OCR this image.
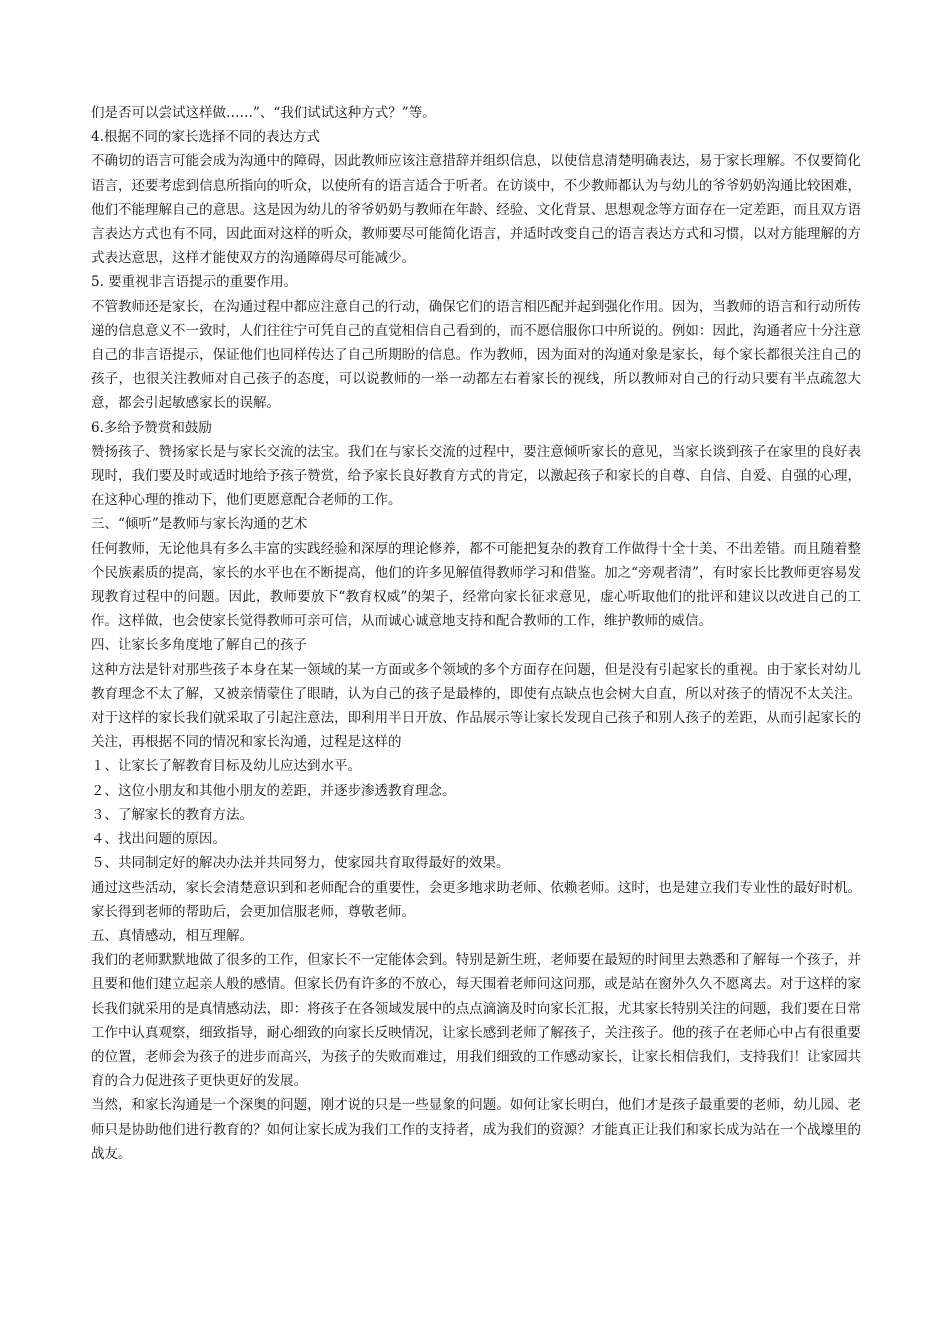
们是否可以尝试这样做……”、“我们试试这种方式？”等。

4.根据不同的家长选择不同的表达方式

不确切的语言可能会成为沟通中的障碍，因此教师应该注意措辞并组织信息，以使信息清楚明确表达，易于家长理解。不仅要简化语言，还要考虑到信息所指向的听众，以使所有的语言适合于听者。在访谈中，不少教师都认为与幼儿的爷爷奶奶沟通比较困难，他们不能理解自己的意思。这是因为幼儿的爷爷奶奶与教师在年龄、经验、文化背景、思想观念等方面存在一定差距，而且双方语言表达方式也有不同，因此面对这样的听众，教师要尽可能简化语言，并适时改变自己的语言表达方式和习惯，以对方能理解的方式表达意思，这样才能使双方的沟通障碍尽可能减少。

5. 要重视非言语提示的重要作用。

不管教师还是家长，在沟通过程中都应注意自己的行动，确保它们的语言相匹配并起到强化作用。因为，当教师的语言和行动所传递的信息意义不一致时，人们往往宁可凭自己的直觉相信自己看到的，而不愿信服你口中所说的。例如：因此，沟通者应十分注意自己的非言语提示，保证他们也同样传达了自己所期盼的信息。作为教师，因为面对的沟通对象是家长，每个家长都很关注自己的孩子，也很关注教师对自己孩子的态度，可以说教师的一举一动都左右着家长的视线，所以教师对自己的行动只要有半点疏忽大意，都会引起敏感家长的误解。

6.多给予赞赏和鼓励

赞扬孩子、赞扬家长是与家长交流的法宝。我们在与家长交流的过程中，要注意倾听家长的意见，当家长谈到孩子在家里的良好表现时，我们要及时或适时地给予孩子赞赏，给予家长良好教育方式的肯定，以激起孩子和家长的自尊、自信、自爱、自强的心理，在这种心理的推动下，他们更愿意配合老师的工作。

三、“倾听”是教师与家长沟通的艺术

任何教师，无论他具有多么丰富的实践经验和深厚的理论修养，都不可能把复杂的教育工作做得十全十美、不出差错。而且随着整个民族素质的提高，家长的水平也在不断提高，他们的许多见解值得教师学习和借鉴。加之“旁观者清”，有时家长比教师更容易发现教育过程中的问题。因此，教师要放下“教育权威”的架子，经常向家长征求意见，虚心听取他们的批评和建议以改进自己的工作。这样做，也会使家长觉得教师可亲可信，从而诚心诚意地支持和配合教师的工作，维护教师的威信。

四、让家长多角度地了解自己的孩子

这种方法是针对那些孩子本身在某一领域的某一方面或多个领域的多个方面存在问题，但是没有引起家长的重视。由于家长对幼儿教育理念不太了解，又被亲情蒙住了眼睛，认为自己的孩子是最棒的，即使有点缺点也会树大自直，所以对孩子的情况不太关注。对于这样的家长我们就采取了引起注意法，即利用半日开放、作品展示等让家长发现自己孩子和别人孩子的差距，从而引起家长的关注，再根据不同的情况和家长沟通，过程是这样的

１、让家长了解教育目标及幼儿应达到水平。

２、这位小朋友和其他小朋友的差距，并逐步渗透教育理念。

３、了解家长的教育方法。

４、找出问题的原因。

５、共同制定好的解决办法并共同努力，使家园共育取得最好的效果。

通过这些活动，家长会清楚意识到和老师配合的重要性，会更多地求助老师、依赖老师。这时，也是建立我们专业性的最好时机。家长得到老师的帮助后，会更加信服老师，尊敬老师。

五、真情感动，相互理解。

我们的老师默默地做了很多的工作，但家长不一定能体会到。特别是新生班，老师要在最短的时间里去熟悉和了解每一个孩子，并且要和他们建立起亲人般的感情。但家长仍有许多的不放心，每天围着老师问这问那，或是站在窗外久久不愿离去。对于这样的家长我们就采用的是真情感动法，即：将孩子在各领域发展中的点点滴滴及时向家长汇报，尤其家长特别关注的问题，我们要在日常工作中认真观察，细致指导，耐心细致的向家长反映情况，让家长感到老师了解孩子，关注孩子。他的孩子在老师心中占有很重要的位置，老师会为孩子的进步而高兴，为孩子的失败而难过，用我们细致的工作感动家长，让家长相信我们，支持我们！让家园共育的合力促进孩子更快更好的发展。

当然，和家长沟通是一个深奥的问题，刚才说的只是一些显象的问题。如何让家长明白，他们才是孩子最重要的老师，幼儿园、老师只是协助他们进行教育的？如何让家长成为我们工作的支持者，成为我们的资源？才能真正让我们和家长成为站在一个战壕里的战友。
